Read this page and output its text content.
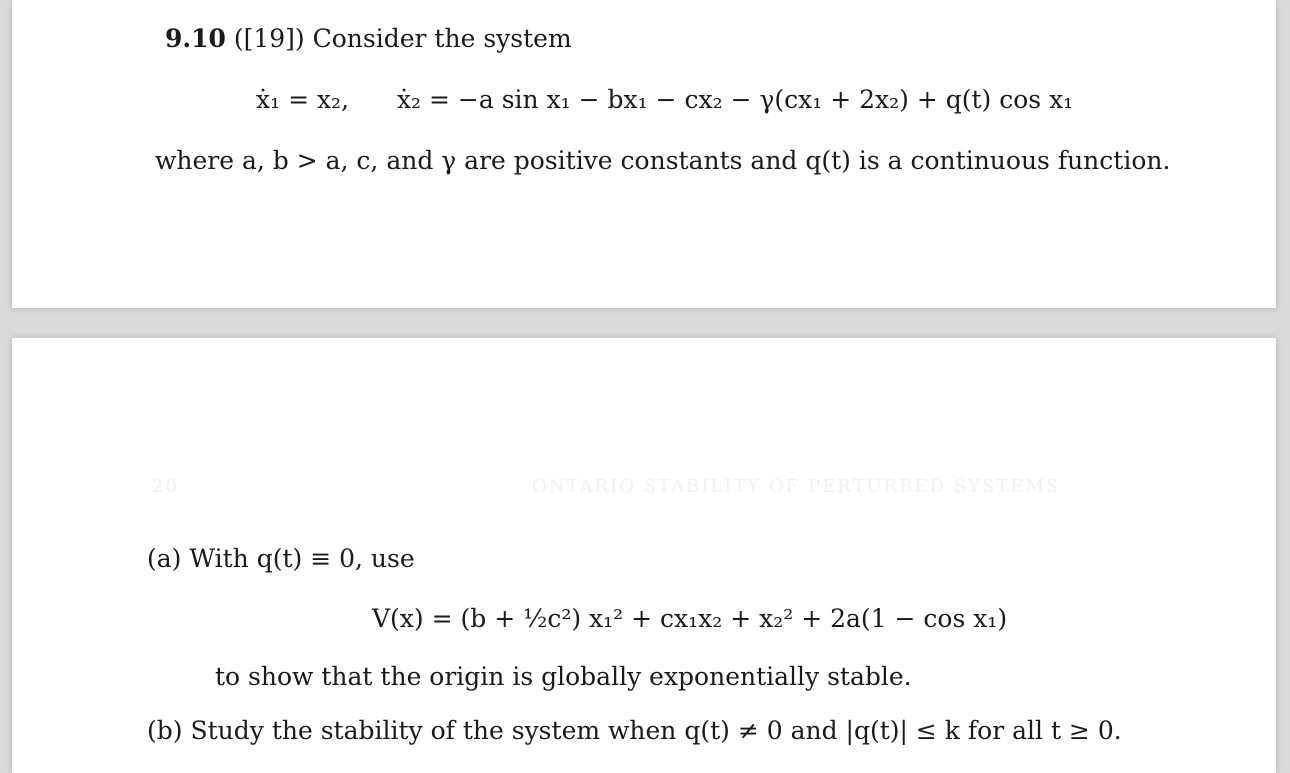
9.10 ([19]) Consider the system
ẋ₁ = x₂, ẋ₂ = −a sin x₁ − bx₁ − cx₂ − γ(cx₁ + 2x₂) + q(t) cos x₁
where a, b > a, c, and γ are positive constants and q(t) is a continuous function.
20	ONTARIO STABILITY OF PERTURBED SYSTEMS
(a) With q(t) ≡ 0, use
V(x) = (b + ½c²) x₁² + cx₁x₂ + x₂² + 2a(1 − cos x₁)
to show that the origin is globally exponentially stable.
(b) Study the stability of the system when q(t) ≠ 0 and |q(t)| ≤ k for all t ≥ 0.
